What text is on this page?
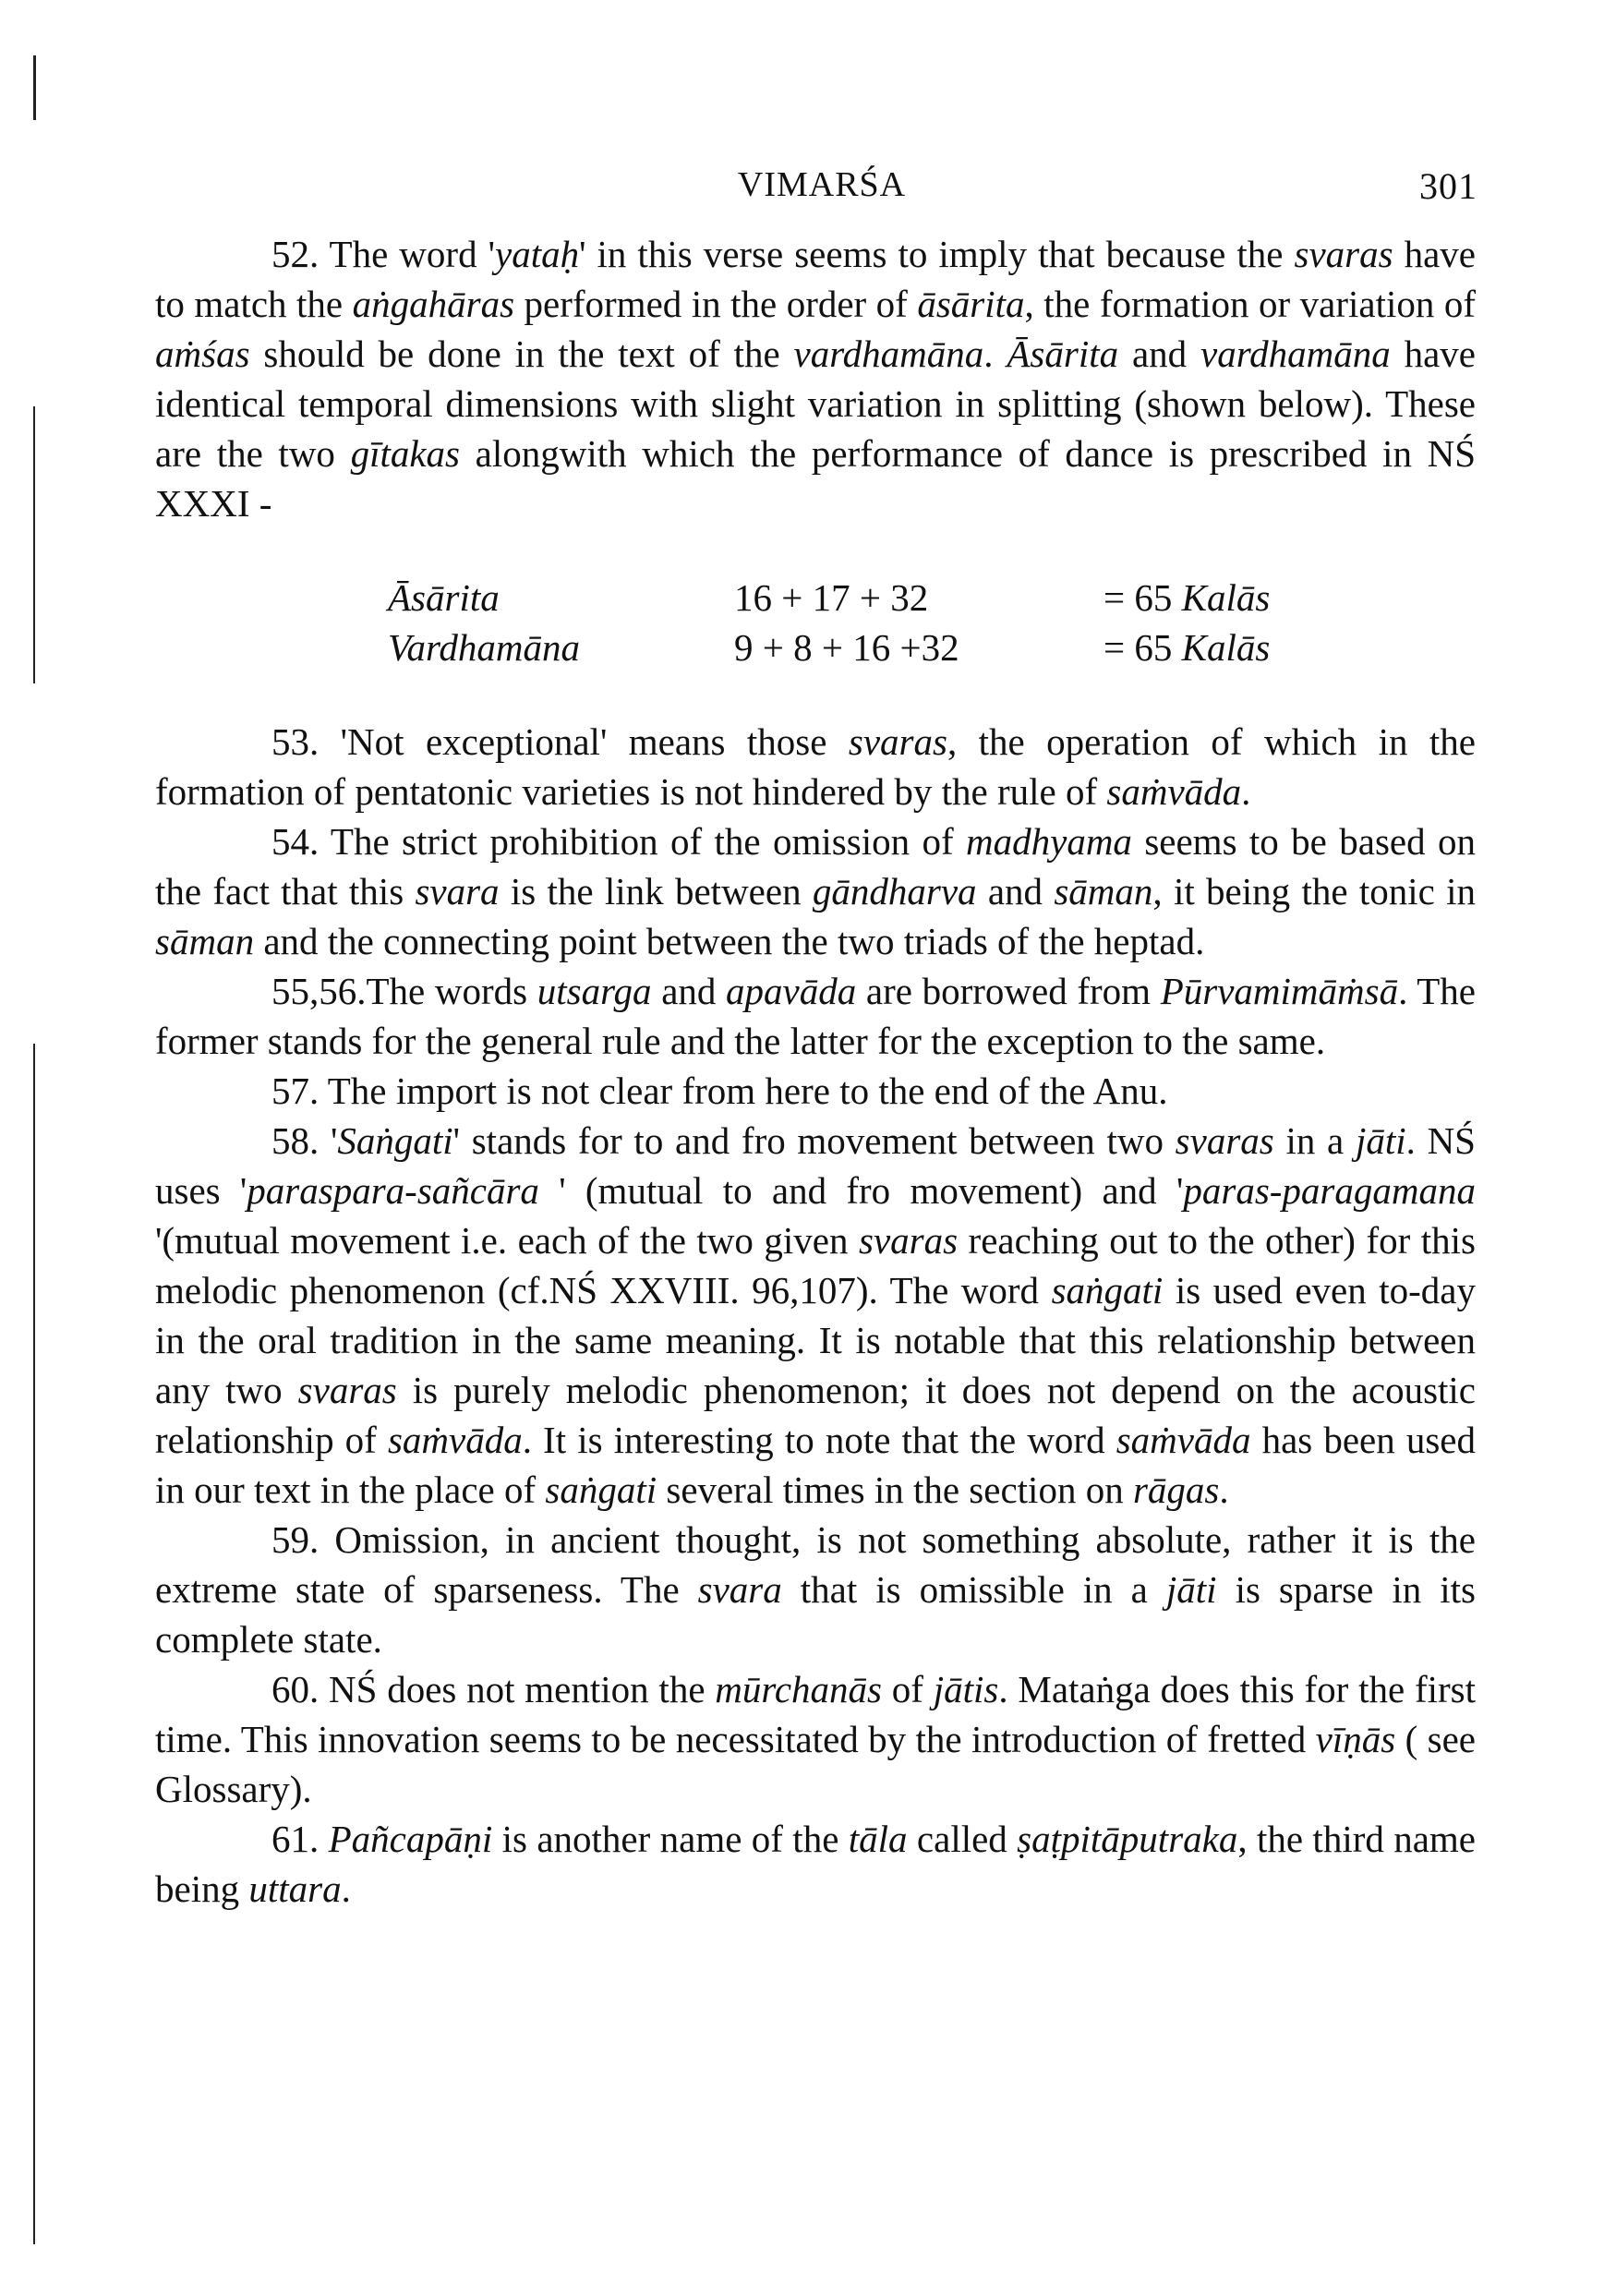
VIMARŚA	301

52. The word 'yataḥ' in this verse seems to imply that because the svaras have to match the aṅgahāras performed in the order of āsārita, the formation or variation of aṁśas should be done in the text of the vardhamāna. Āsārita and vardhamāna have identical temporal dimensions with slight variation in splitting (shown below). These are the two gītakas alongwith which the performance of dance is prescribed in NŚ XXXI -

Āsārita	16 + 17 + 32	= 65 Kalās
Vardhamāna	9 + 8 + 16 +32	= 65 Kalās

53. 'Not exceptional' means those svaras, the operation of which in the formation of pentatonic varieties is not hindered by the rule of saṁvāda.

54. The strict prohibition of the omission of madhyama seems to be based on the fact that this svara is the link between gāndharva and sāman, it being the tonic in sāman and the connecting point between the two triads of the heptad.

55,56.The words utsarga and apavāda are borrowed from Pūrvamimāṁsā. The former stands for the general rule and the latter for the exception to the same.

57. The import is not clear from here to the end of the Anu.

58. 'Saṅgati' stands for to and fro movement between two svaras in a jāti. NŚ uses 'paraspara-sañcāra ' (mutual to and fro movement) and 'paras-paragamana '(mutual movement i.e. each of the two given svaras reaching out to the other) for this melodic phenomenon (cf.NŚ XXVIII. 96,107). The word saṅgati is used even to-day in the oral tradition in the same meaning. It is notable that this relationship between any two svaras is purely melodic phenomenon; it does not depend on the acoustic relationship of saṁvāda. It is interesting to note that the word saṁvāda has been used in our text in the place of saṅgati several times in the section on rāgas.

59. Omission, in ancient thought, is not something absolute, rather it is the extreme state of sparseness. The svara that is omissible in a jāti is sparse in its complete state.

60. NŚ does not mention the mūrchanās of jātis. Mataṅga does this for the first time. This innovation seems to be necessitated by the introduction of fretted vīṇās ( see Glossary).

61. Pañcapāṇi is another name of the tāla called ṣaṭpitāputraka, the third name being uttara.
